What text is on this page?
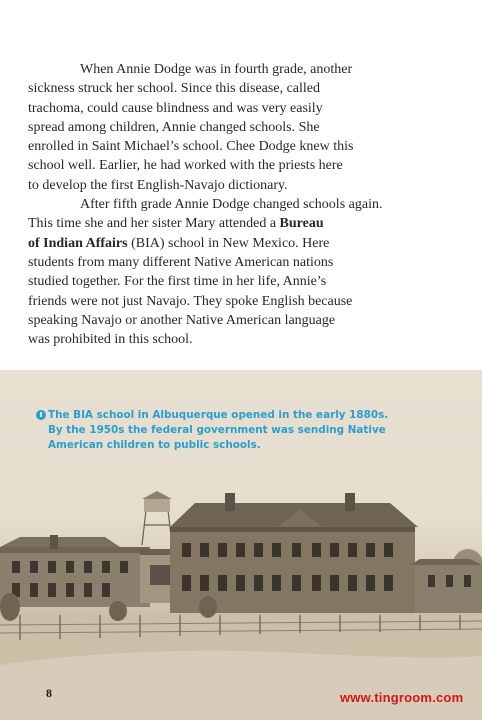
When Annie Dodge was in fourth grade, another
sickness struck her school. Since this disease, called
trachoma, could cause blindness and was very easily
spread among children, Annie changed schools. She
enrolled in Saint Michael’s school. Chee Dodge knew this
school well. Earlier, he had worked with the priests here
to develop the first English-Navajo dictionary.

After fifth grade Annie Dodge changed schools again.
This time she and her sister Mary attended a Bureau
of Indian Affairs (BIA) school in New Mexico. Here
students from many different Native American nations
studied together. For the first time in her life, Annie’s
friends were not just Navajo. They spoke English because
speaking Navajo or another Native American language
was prohibited in this school.

The BIA school in Albuquerque opened in the early 1880s.
By the 1950s the federal government was sending Native
American children to public schools.
8	www.tingroom.com
